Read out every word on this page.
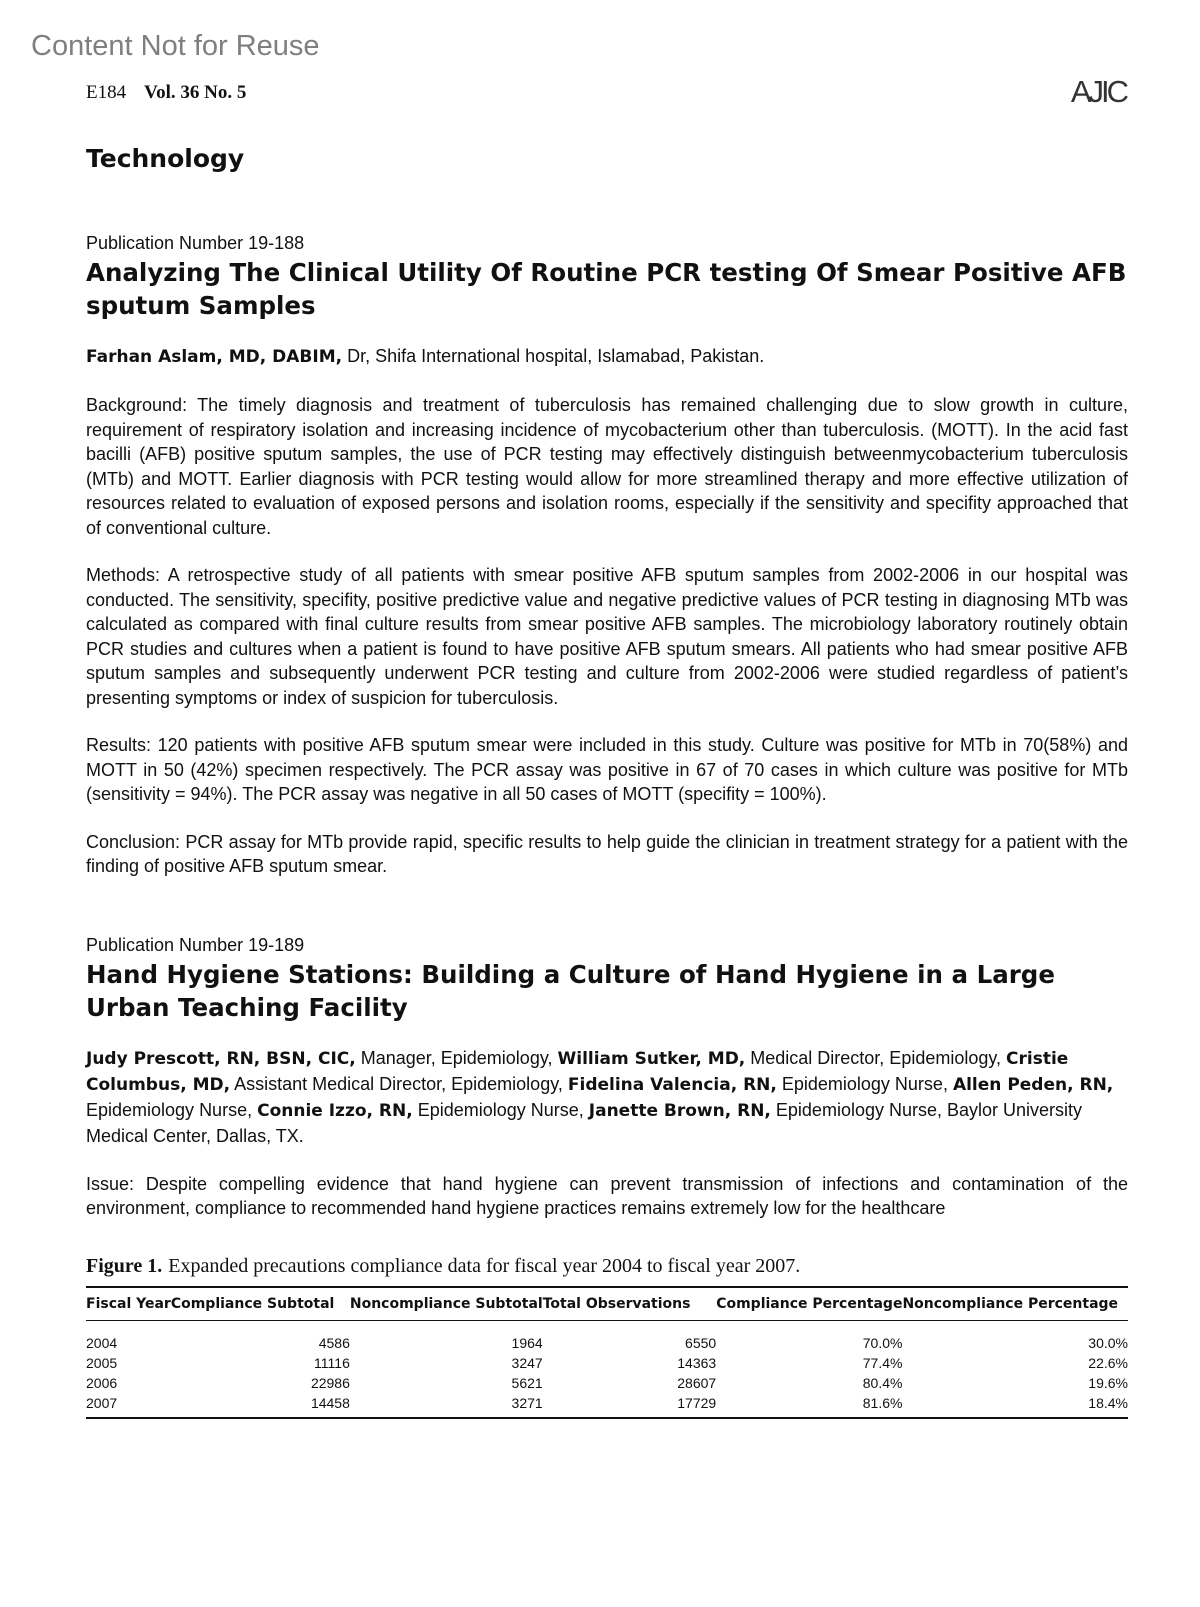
Content Not for Reuse
E184 Vol. 36 No. 5	AJIC
Technology
Publication Number 19-188
Analyzing The Clinical Utility Of Routine PCR testing Of Smear Positive AFB sputum Samples
Farhan Aslam, MD, DABIM, Dr, Shifa International hospital, Islamabad, Pakistan.

Background: The timely diagnosis and treatment of tuberculosis has remained challenging due to slow growth in culture, requirement of respiratory isolation and increasing incidence of mycobacterium other than tuberculosis. (MOTT). In the acid fast bacilli (AFB) positive sputum samples, the use of PCR testing may effectively distinguish betweenmycobacterium tuberculosis (MTb) and MOTT. Earlier diagnosis with PCR testing would allow for more streamlined therapy and more effective utilization of resources related to evaluation of exposed persons and isolation rooms, especially if the sensitivity and specifity approached that of conventional culture.

Methods: A retrospective study of all patients with smear positive AFB sputum samples from 2002-2006 in our hospital was conducted. The sensitivity, specifity, positive predictive value and negative predictive values of PCR testing in diagnosing MTb was calculated as compared with final culture results from smear positive AFB samples. The microbiology laboratory routinely obtain PCR studies and cultures when a patient is found to have positive AFB sputum smears. All patients who had smear positive AFB sputum samples and subsequently underwent PCR testing and culture from 2002-2006 were studied regardless of patient’s presenting symptoms or index of suspicion for tuberculosis.

Results: 120 patients with positive AFB sputum smear were included in this study. Culture was positive for MTb in 70(58%) and MOTT in 50 (42%) specimen respectively. The PCR assay was positive in 67 of 70 cases in which culture was positive for MTb (sensitivity = 94%). The PCR assay was negative in all 50 cases of MOTT (specifity = 100%).

Conclusion: PCR assay for MTb provide rapid, specific results to help guide the clinician in treatment strategy for a patient with the finding of positive AFB sputum smear.

Publication Number 19-189
Hand Hygiene Stations: Building a Culture of Hand Hygiene in a Large Urban Teaching Facility
Judy Prescott, RN, BSN, CIC, Manager, Epidemiology, William Sutker, MD, Medical Director, Epidemiology, Cristie Columbus, MD, Assistant Medical Director, Epidemiology, Fidelina Valencia, RN, Epidemiology Nurse, Allen Peden, RN, Epidemiology Nurse, Connie Izzo, RN, Epidemiology Nurse, Janette Brown, RN, Epidemiology Nurse, Baylor University Medical Center, Dallas, TX.

Issue: Despite compelling evidence that hand hygiene can prevent transmission of infections and contamination of the environment, compliance to recommended hand hygiene practices remains extremely low for the healthcare

Figure 1. Expanded precautions compliance data for fiscal year 2004 to fiscal year 2007.
Fiscal Year	Compliance Subtotal	Noncompliance Subtotal	Total Observations	Compliance Percentage	Noncompliance Percentage
2004	4586	1964	6550	70.0%	30.0%
2005	11116	3247	14363	77.4%	22.6%
2006	22986	5621	28607	80.4%	19.6%
2007	14458	3271	17729	81.6%	18.4%
